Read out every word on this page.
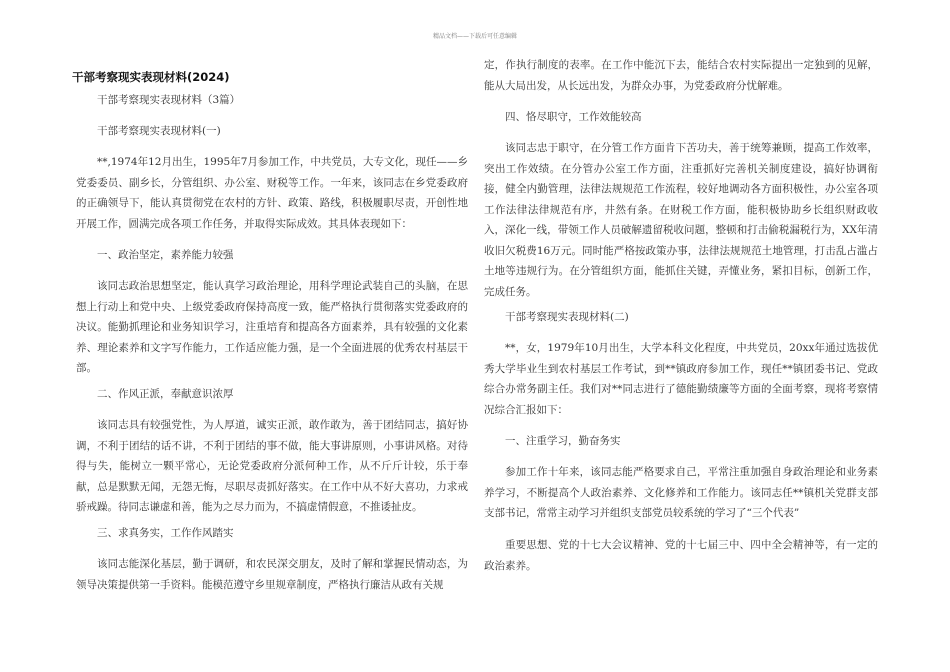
精品文档——下载后可任意编辑
干部考察现实表现材料(2024)

干部考察现实表现材料（3篇）

干部考察现实表现材料(一)

**,1974年12月出生，1995年7月参加工作，中共党员，大专文化，现任——乡党委委员、副乡长，分管组织、办公室、财税等工作。一年来，该同志在乡党委政府的正确领导下，能认真贯彻党在农村的方针、政策、路线，积极履职尽责，开创性地开展工作，圆满完成各项工作任务，并取得实际成效。其具体表现如下：

一、政治坚定，素养能力较强

该同志政治思想坚定，能认真学习政治理论，用科学理论武装自己的头脑，在思想上行动上和党中央、上级党委政府保持高度一致，能严格执行贯彻落实党委政府的决议。能勤抓理论和业务知识学习，注重培育和提高各方面素养，具有较强的文化素养、理论素养和文字写作能力，工作适应能力强，是一个全面进展的优秀农村基层干部。

二、作风正派，奉献意识浓厚

该同志具有较强党性，为人厚道，诚实正派，敢作敢为，善于团结同志，搞好协调，不利于团结的话不讲，不利于团结的事不做，能大事讲原则，小事讲风格。对待得与失，能树立一颗平常心，无论党委政府分派何种工作，从不斤斤计较，乐于奉献，总是默默无闻，无怨无悔，尽职尽责抓好落实。在工作中从不好大喜功，力求戒骄戒躁。待同志谦虚和善，能为之尽力而为，不搞虚情假意，不推诿扯皮。

三、求真务实，工作作风踏实

该同志能深化基层，勤于调研，和农民深交朋友，及时了解和掌握民情动态，为领导决策提供第一手资料。能模范遵守乡里规章制度，严格执行廉洁从政有关规

定，作执行制度的表率。在工作中能沉下去，能结合农村实际提出一定独到的见解，能从大局出发，从长远出发，为群众办事，为党委政府分忧解难。

四、恪尽职守，工作效能较高

该同志忠于职守，在分管工作方面肯下苦功夫，善于统筹兼顾，提高工作效率，突出工作效绩。在分管办公室工作方面，注重抓好完善机关制度建设，搞好协调衔接，健全内勤管理，法律法规规范工作流程，较好地调动各方面积极性，办公室各项工作法律法律规范有序，井然有条。在财税工作方面，能积极协助乡长组织财政收入，深化一线，带领工作人员破解遗留税收问题，整顿和打击偷税漏税行为，XX年清收旧欠税费16万元。同时能严格按政策办事，法律法规规范土地管理，打击乱占滥占土地等违规行为。在分管组织方面，能抓住关键，弄懂业务，紧扣目标，创新工作，完成任务。

干部考察现实表现材料(二)

**，女，1979年10月出生，大学本科文化程度，中共党员，20xx年通过选拔优秀大学毕业生到农村基层工作考试，到**镇政府参加工作，现任**镇团委书记、党政综合办常务副主任。我们对**同志进行了德能勤绩廉等方面的全面考察，现将考察情况综合汇报如下：

一、注重学习，勤奋务实

参加工作十年来，该同志能严格要求自己，平常注重加强自身政治理论和业务素养学习，不断提高个人政治素养、文化修养和工作能力。该同志任**镇机关党群支部支部书记，常常主动学习并组织支部党员较系统的学习了“三个代表”

重要思想、党的十七大会议精神、党的十七届三中、四中全会精神等，有一定的政治素养。
